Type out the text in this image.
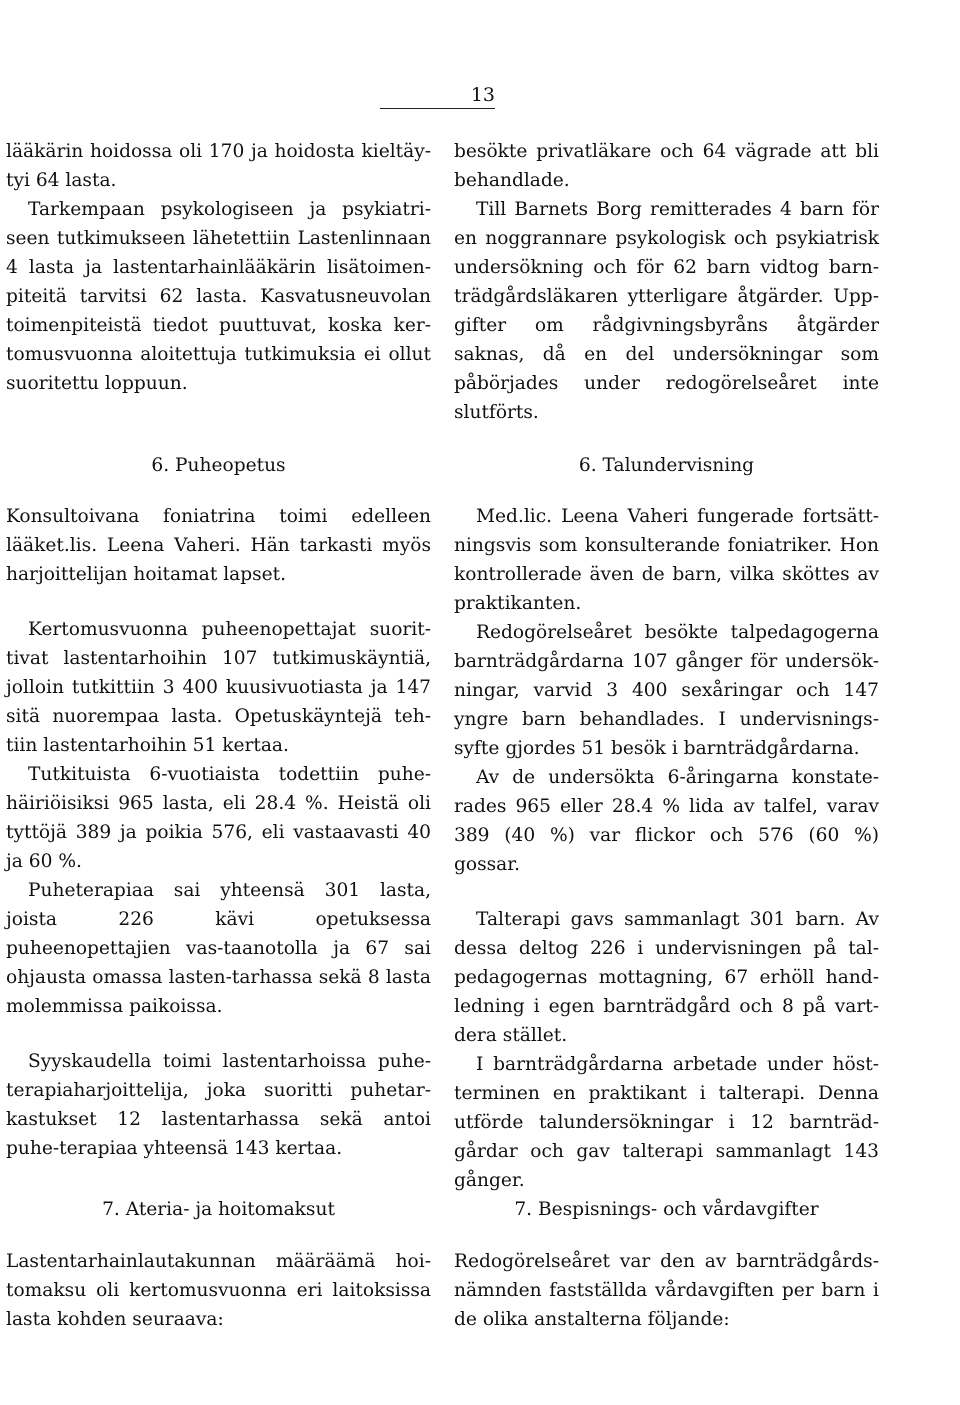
13

lääkärin hoidossa oli 170 ja hoidosta kieltäy-tyi 64 lasta.

Tarkempaan psykologiseen ja psykiatri-seen tutkimukseen lähetettiin Lastenlinnaan 4 lasta ja lastentarhainlääkärin lisätoimen-piteitä tarvitsi 62 lasta. Kasvatusneuvolan toimenpiteistä tiedot puuttuvat, koska ker-tomusvuonna aloitettuja tutkimuksia ei ollut suoritettu loppuun.

besökte privatläkare och 64 vägrade att bli behandlade.

Till Barnets Borg remitterades 4 barn för en noggrannare psykologisk och psykiatrisk undersökning och för 62 barn vidtog barn-trädgårdsläkaren ytterligare åtgärder. Upp-gifter om rådgivningsbyråns åtgärder saknas, då en del undersökningar som påbörjades under redogörelseåret inte slutförts.

6. Puheopetus	6. Talundervisning

Konsultoivana foniatrina toimi edelleen lääket.lis. Leena Vaheri. Hän tarkasti myös harjoittelijan hoitamat lapset.

Kertomusvuonna puheenopettajat suorit-tivat lastentarhoihin 107 tutkimuskäyntiä, jolloin tutkittiin 3 400 kuusivuotiasta ja 147 sitä nuorempaa lasta. Opetuskäyntejä teh-tiin lastentarhoihin 51 kertaa.

Tutkituista 6-vuotiaista todettiin puhe-häiriöisiksi 965 lasta, eli 28.4 %. Heistä oli tyttöjä 389 ja poikia 576, eli vastaavasti 40 ja 60 %.

Puheterapiaa sai yhteensä 301 lasta, joista 226 kävi opetuksessa puheenopettajien vas-taanotolla ja 67 sai ohjausta omassa lasten-tarhassa sekä 8 lasta molemmissa paikoissa.

Syyskaudella toimi lastentarhoissa puhe-terapiaharjoittelija, joka suoritti puhetar-kastukset 12 lastentarhassa sekä antoi puhe-terapiaa yhteensä 143 kertaa.

Med.lic. Leena Vaheri fungerade fortsätt-ningsvis som konsulterande foniatriker. Hon kontrollerade även de barn, vilka sköttes av praktikanten.

Redogörelseåret besökte talpedagogerna barnträdgårdarna 107 gånger för undersök-ningar, varvid 3 400 sexåringar och 147 yngre barn behandlades. I undervisnings-syfte gjordes 51 besök i barnträdgårdarna.

Av de undersökta 6-åringarna konstate-rades 965 eller 28.4 % lida av talfel, varav 389 (40 %) var flickor och 576 (60 %) gossar.

Talterapi gavs sammanlagt 301 barn. Av dessa deltog 226 i undervisningen på tal-pedagogernas mottagning, 67 erhöll hand-ledning i egen barnträdgård och 8 på vart-dera stället.

I barnträdgårdarna arbetade under höst-terminen en praktikant i talterapi. Denna utförde talundersökningar i 12 barnträd-gårdar och gav talterapi sammanlagt 143 gånger.

7. Ateria- ja hoitomaksut	7. Bespisnings- och vårdavgifter

Lastentarhainlautakunnan määräämä hoi-tomaksu oli kertomusvuonna eri laitoksissa lasta kohden seuraava:

Redogörelseåret var den av barnträdgårds-nämnden fastställda vårdavgiften per barn i de olika anstalterna följande:
